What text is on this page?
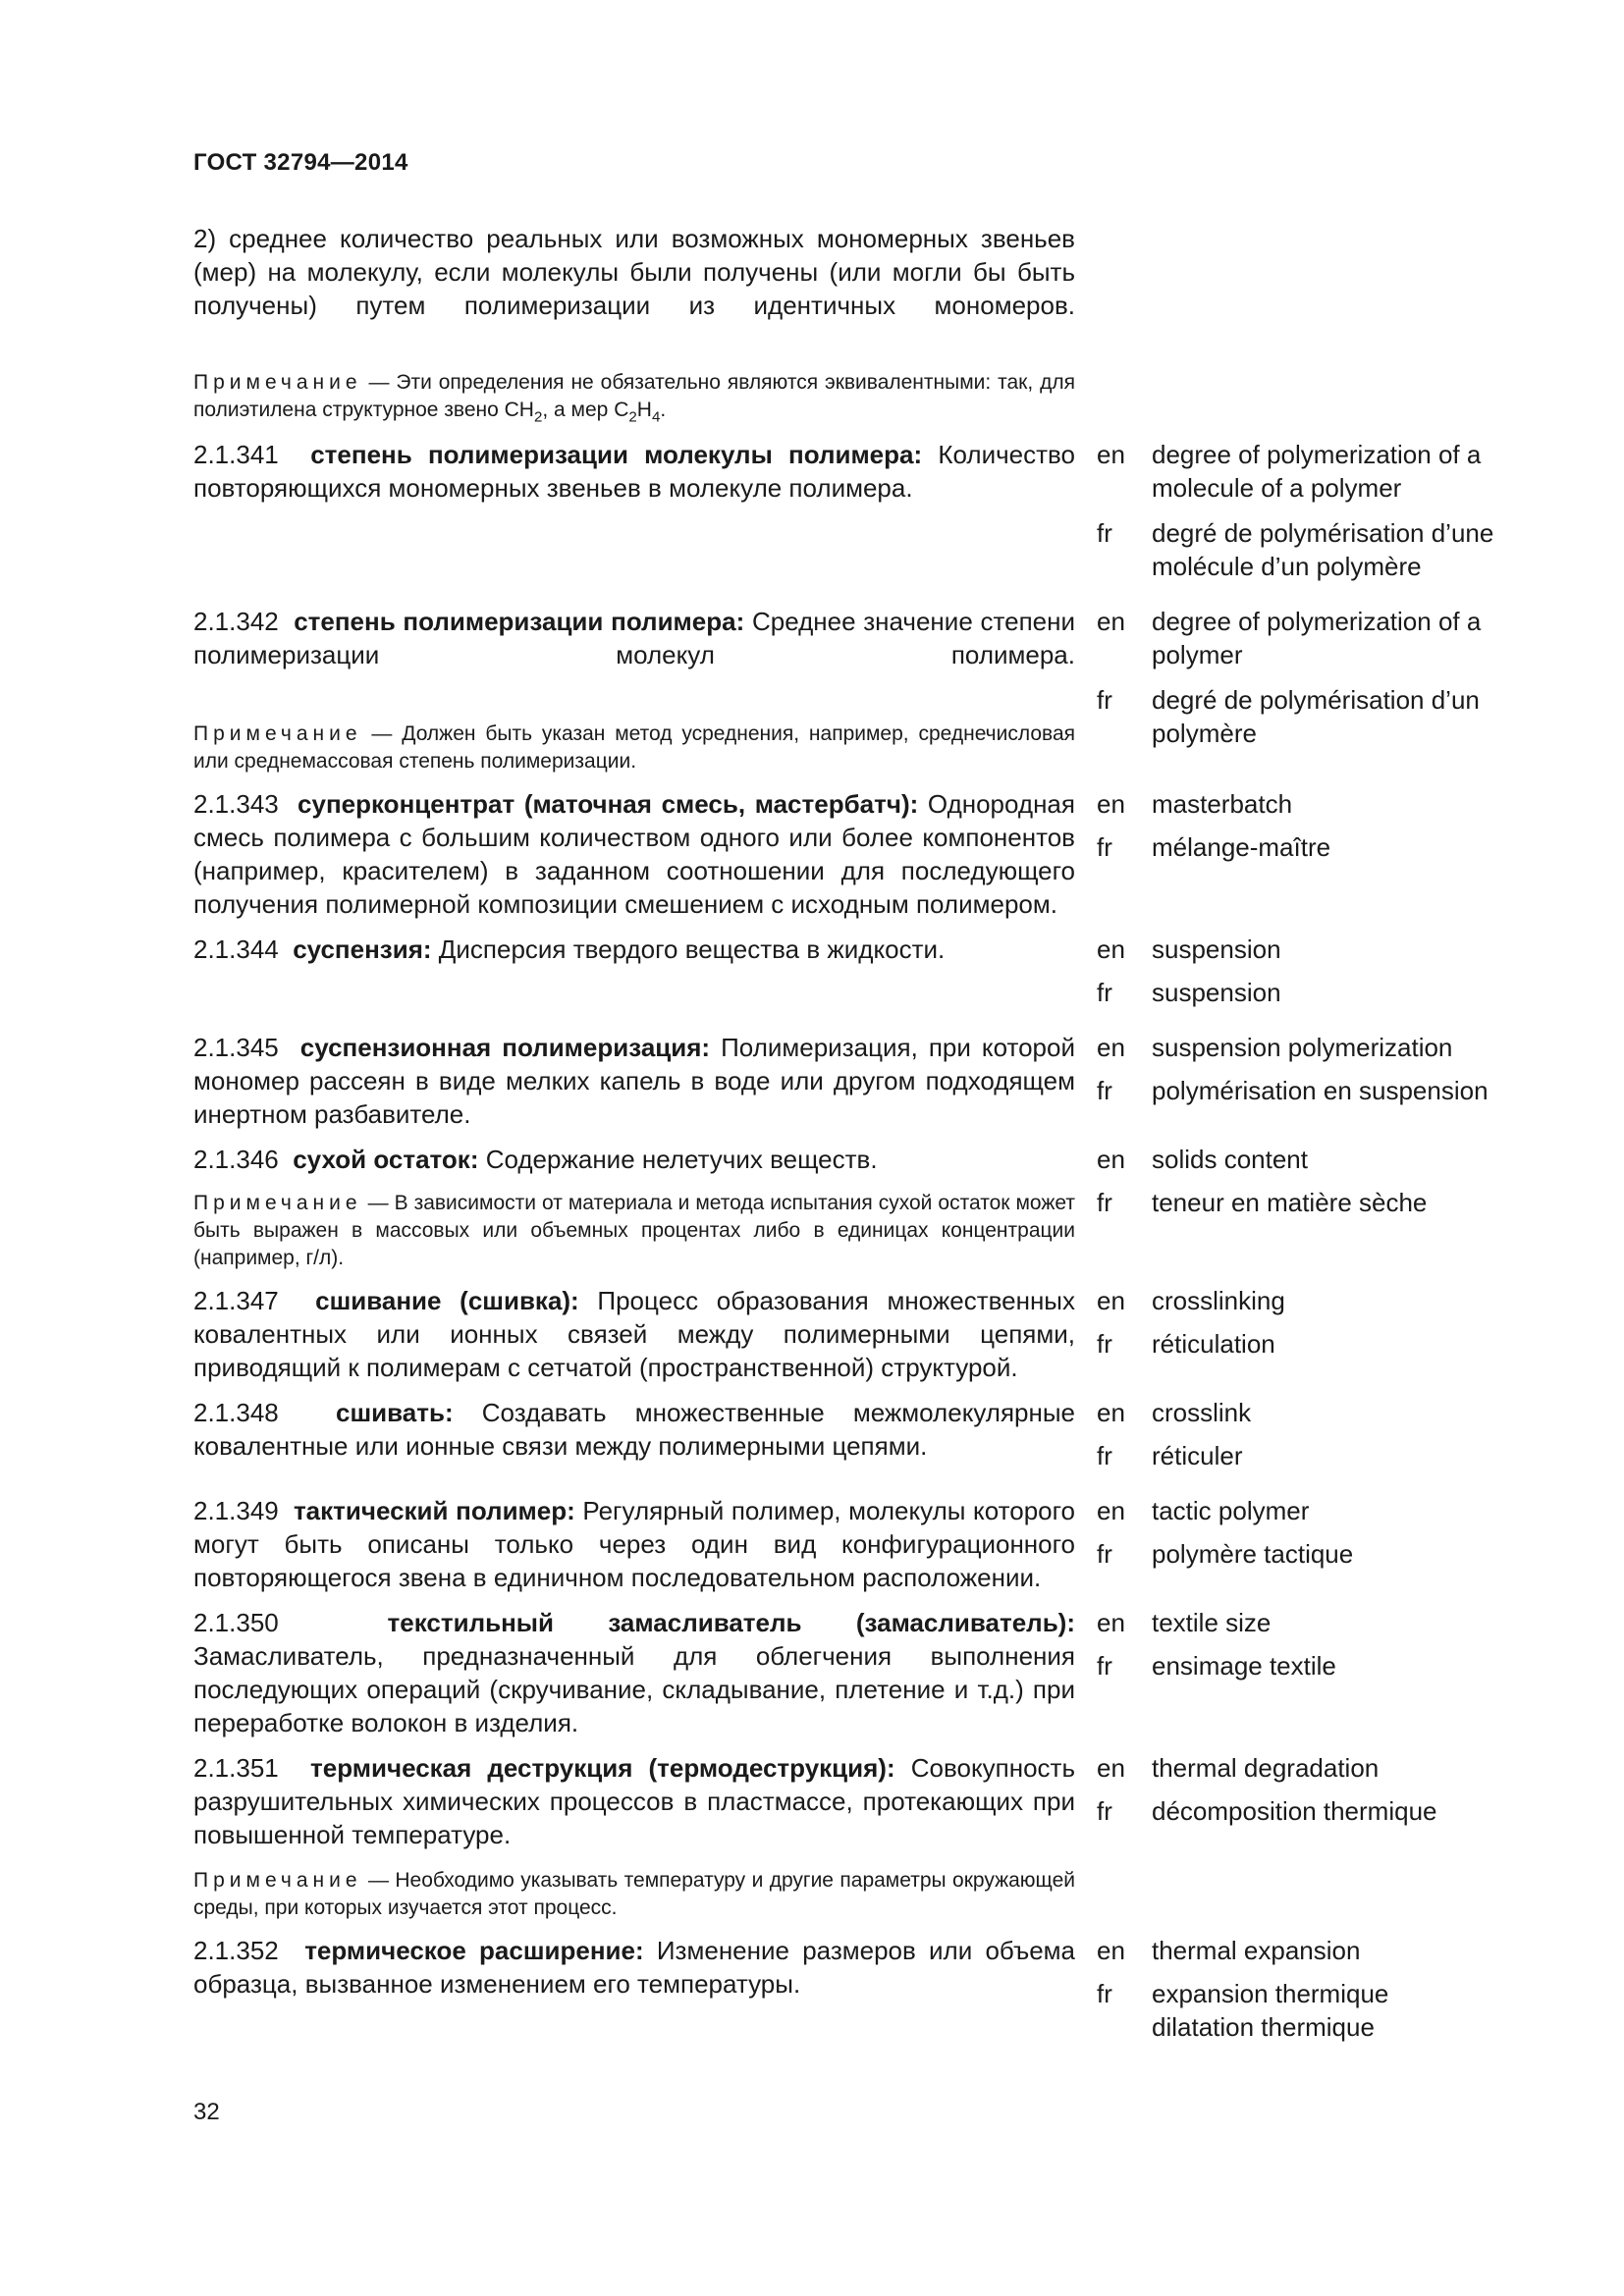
ГОСТ 32794—2014
2) среднее количество реальных или возможных мономерных звеньев (мер) на молекулу, если молекулы были получены (или могли бы быть получены) путем полимеризации из идентичных мономеров.
Примечание — Эти определения не обязательно являются эквивалентными: так, для полиэтилена структурное звено $CH_2$, а мер $C_2H_4$.
2.1.341 степень полимеризации молекулы полимера: Количество повторяющихся мономерных звеньев в молекуле полимера.
en	degree of polymerization of a molecule of a polymer
fr	degré de polymérisation d’une molécule d’un polymère
2.1.342 степень полимеризации полимера: Среднее значение степени полимеризации молекул полимера.
Примечание — Должен быть указан метод усреднения, например, среднечисловая или среднемассовая степень полимеризации.
en	degree of polymerization of a polymer
fr	degré de polymérisation d’un polymère
2.1.343 суперконцентрат (маточная смесь, мастербатч): Однородная смесь полимера с большим количеством одного или более компонентов (например, красителем) в заданном соотношении для последующего получения полимерной композиции смешением с исходным полимером.
en	masterbatch
fr	mélange-maître
2.1.344 суспензия: Дисперсия твердого вещества в жидкости.	en	suspension
fr	suspension
2.1.345 суспензионная полимеризация: Полимеризация, при которой мономер рассеян в виде мелких капель в воде или другом подходящем инертном разбавителе.
en	suspension polymerization
fr	polymérisation en suspension
2.1.346 сухой остаток: Содержание нелетучих веществ.
Примечание — В зависимости от материала и метода испытания сухой остаток может быть выражен в массовых или объемных процентах либо в единицах концентрации (например, г/л).
en	solids content
fr	teneur en matière sèche
2.1.347 сшивание (сшивка): Процесс образования множественных ковалентных или ионных связей между полимерными цепями, приводящий к полимерам с сетчатой (пространственной) структурой.
en	crosslinking
fr	réticulation
2.1.348 сшивать: Создавать множественные межмолекулярные ковалентные или ионные связи между полимерными цепями.
en	crosslink
fr	réticuler
2.1.349 тактический полимер: Регулярный полимер, молекулы которого могут быть описаны только через один вид конфигурационного повторяющегося звена в единичном последовательном расположении.
en	tactic polymer
fr	polymère tactique
2.1.350	текстильный замасливатель (замасливатель): Замасливатель, предназначенный для облегчения выполнения последующих операций (скручивание, складывание, плетение и т.д.) при переработке волокон в изделия.
en	textile size
fr	ensimage textile
2.1.351 термическая деструкция (термодеструкция): Совокупность разрушительных химических процессов в пластмассе, протекающих при повышенной температуре.
Примечание — Необходимо указывать температуру и другие параметры окружающей среды, при которых изучается этот процесс.
en	thermal degradation
fr	décomposition thermique
2.1.352 термическое расширение: Изменение размеров или объема образца, вызванное изменением его температуры.
en	thermal expansion
fr	expansion thermique
dilatation thermique
32
